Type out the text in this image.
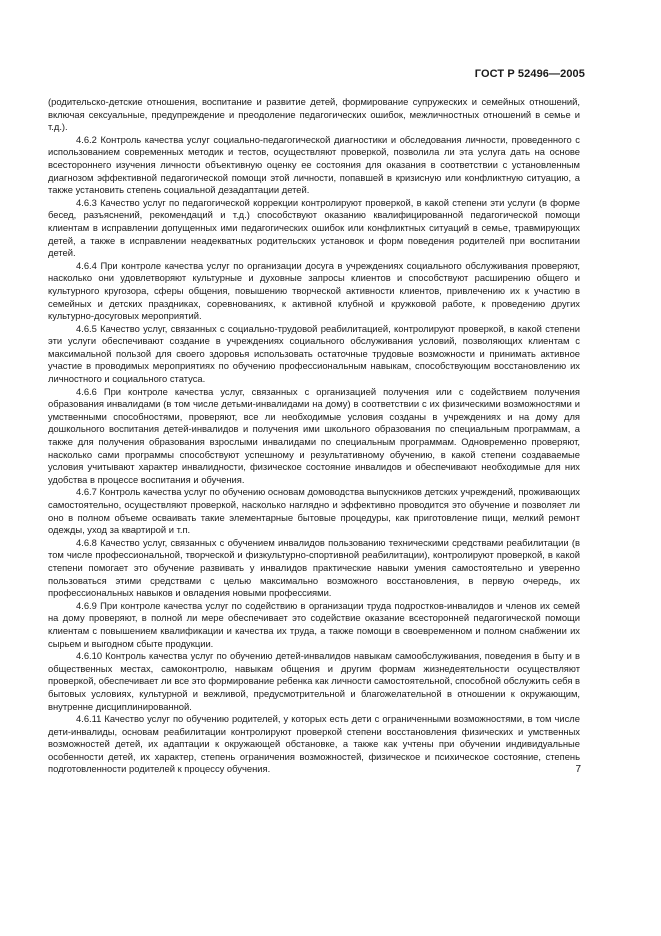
ГОСТ Р 52496—2005

(родительско-детские отношения, воспитание и развитие детей, формирование супружеских и семейных отношений, включая сексуальные, предупреждение и преодоление педагогических ошибок, межличностных отношений в семье и т.д.).

4.6.2 Контроль качества услуг социально-педагогической диагностики и обследования личности, проведенного с использованием современных методик и тестов, осуществляют проверкой, позволила ли эта услуга дать на основе всестороннего изучения личности объективную оценку ее состояния для оказания в соответствии с установленным диагнозом эффективной педагогической помощи этой личности, попавшей в кризисную или конфликтную ситуацию, а также установить степень социальной дезадаптации детей.

4.6.3 Качество услуг по педагогической коррекции контролируют проверкой, в какой степени эти услуги (в форме бесед, разъяснений, рекомендаций и т.д.) способствуют оказанию квалифицированной педагогической помощи клиентам в исправлении допущенных ими педагогических ошибок или конфликтных ситуаций в семье, травмирующих детей, а также в исправлении неадекватных родительских установок и форм поведения родителей при воспитании детей.

4.6.4 При контроле качества услуг по организации досуга в учреждениях социального обслуживания проверяют, насколько они удовлетворяют культурные и духовные запросы клиентов и способствуют расширению общего и культурного кругозора, сферы общения, повышению творческой активности клиентов, привлечению их к участию в семейных и детских праздниках, соревнованиях, к активной клубной и кружковой работе, к проведению других культурно-досуговых мероприятий.

4.6.5 Качество услуг, связанных с социально-трудовой реабилитацией, контролируют проверкой, в какой степени эти услуги обеспечивают создание в учреждениях социального обслуживания условий, позволяющих клиентам с максимальной пользой для своего здоровья использовать остаточные трудовые возможности и принимать активное участие в проводимых мероприятиях по обучению профессиональным навыкам, способствующим восстановлению их личностного и социального статуса.

4.6.6 При контроле качества услуг, связанных с организацией получения или с содействием получения образования инвалидами (в том числе детьми-инвалидами на дому) в соответствии с их физическими возможностями и умственными способностями, проверяют, все ли необходимые условия созданы в учреждениях и на дому для дошкольного воспитания детей-инвалидов и получения ими школьного образования по специальным программам, а также для получения образования взрослыми инвалидами по специальным программам. Одновременно проверяют, насколько сами программы способствуют успешному и результативному обучению, в какой степени создаваемые условия учитывают характер инвалидности, физическое состояние инвалидов и обеспечивают необходимые для них удобства в процессе воспитания и обучения.

4.6.7 Контроль качества услуг по обучению основам домоводства выпускников детских учреждений, проживающих самостоятельно, осуществляют проверкой, насколько наглядно и эффективно проводится это обучение и позволяет ли оно в полном объеме осваивать такие элементарные бытовые процедуры, как приготовление пищи, мелкий ремонт одежды, уход за квартирой и т.п.

4.6.8 Качество услуг, связанных с обучением инвалидов пользованию техническими средствами реабилитации (в том числе профессиональной, творческой и физкультурно-спортивной реабилитации), контролируют проверкой, в какой степени помогает это обучение развивать у инвалидов практические навыки умения самостоятельно и уверенно пользоваться этими средствами с целью максимально возможного восстановления, в первую очередь, их профессиональных навыков и овладения новыми профессиями.

4.6.9 При контроле качества услуг по содействию в организации труда подростков-инвалидов и членов их семей на дому проверяют, в полной ли мере обеспечивает это содействие оказание всесторонней педагогической помощи клиентам с повышением квалификации и качества их труда, а также помощи в своевременном и полном снабжении их сырьем и выгодном сбыте продукции.

4.6.10 Контроль качества услуг по обучению детей-инвалидов навыкам самообслуживания, поведения в быту и в общественных местах, самоконтролю, навыкам общения и другим формам жизнедеятельности осуществляют проверкой, обеспечивает ли все это формирование ребенка как личности самостоятельной, способной обслужить себя в бытовых условиях, культурной и вежливой, предусмотрительной и благожелательной в отношении к окружающим, внутренне дисциплинированной.

4.6.11 Качество услуг по обучению родителей, у которых есть дети с ограниченными возможностями, в том числе дети-инвалиды, основам реабилитации контролируют проверкой степени восстановления физических и умственных возможностей детей, их адаптации к окружающей обстановке, а также как учтены при обучении индивидуальные особенности детей, их характер, степень ограничения возможностей, физическое и психическое состояние, степень подготовленности родителей к процессу обучения.	7
